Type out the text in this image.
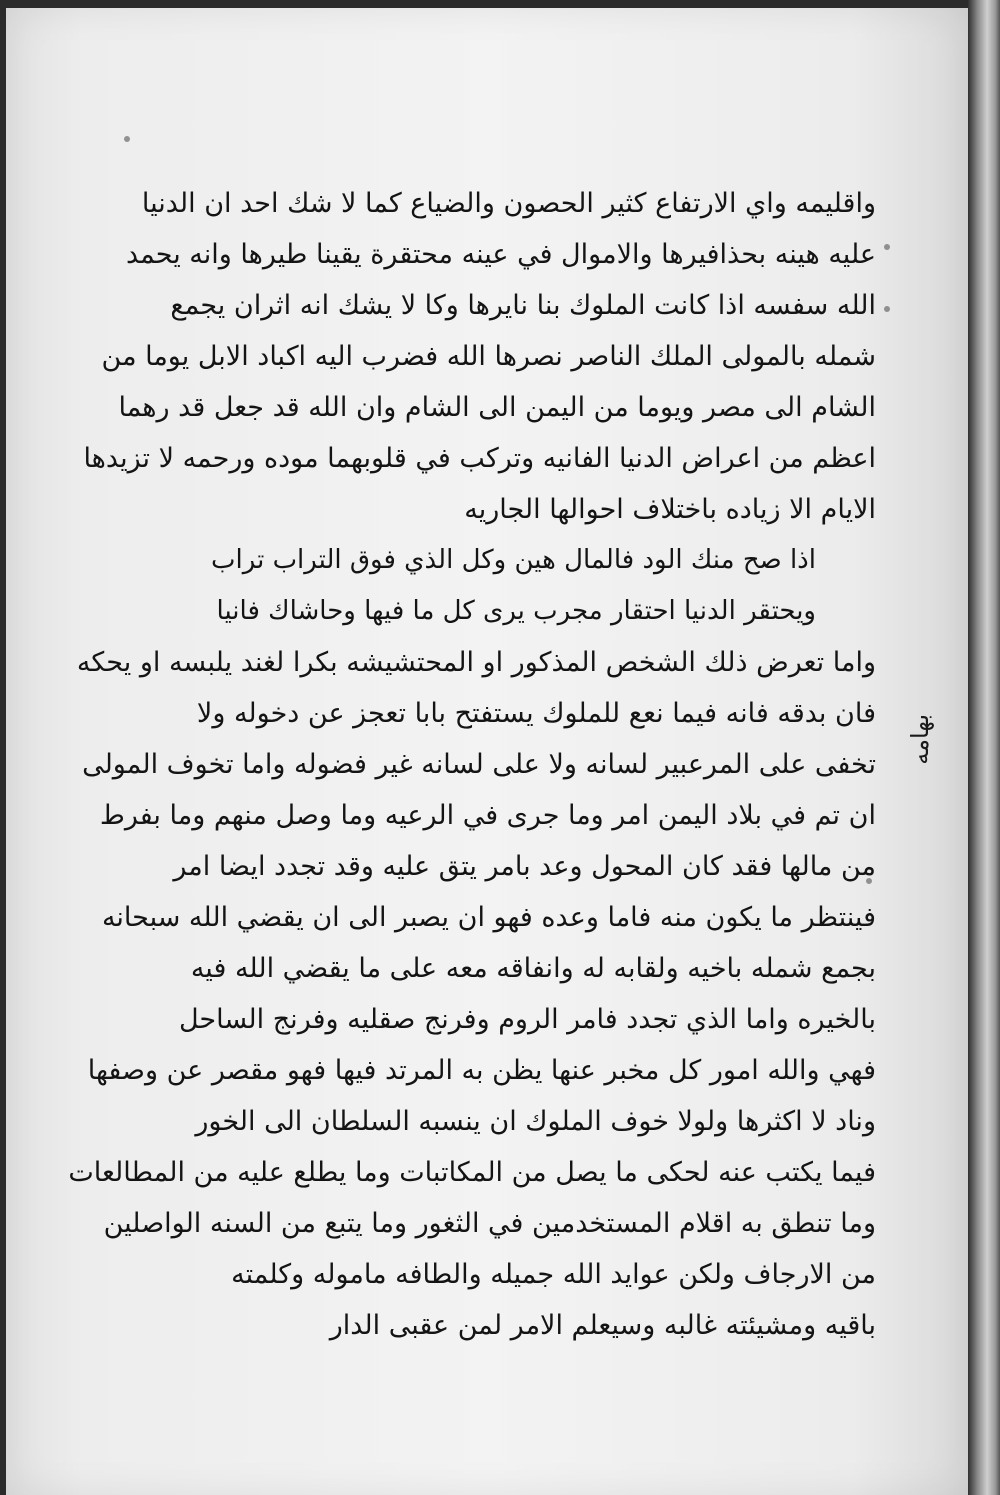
واقليمه واي الارتفاع كثير الحصون والضياع كما لا شك احد ان الدنيا
عليه هينه بحذافيرها والاموال في عينه محتقرة يقينا طيرها وانه يحمد
الله سفسه اذا كانت الملوك بنا نايرها وكا لا يشك انه اثران يجمع
شمله بالمولى الملك الناصر نصرها الله فضرب اليه اكباد الابل يوما من
الشام الى مصر ويوما من اليمن الى الشام وان الله قد جعل قد رهما
اعظم من اعراض الدنيا الفانيه وتركب في قلوبهما موده ورحمه لا تزيدها
الايام الا زياده باختلاف احوالها الجاريه
اذا صح منك الود فالمال هين وكل الذي فوق التراب تراب
ويحتقر الدنيا احتقار مجرب يرى كل ما فيها وحاشاك فانيا
واما تعرض ذلك الشخص المذكور او المحتشيشه بكرا لغند يلبسه او يحكه
فان بدقه فانه فيما نعع للملوك يستفتح بابا تعجز عن دخوله ولا
تخفى على المرعبير لسانه ولا على لسانه غير فضوله واما تخوف المولى
ان تم في بلاد اليمن امر وما جرى في الرعيه وما وصل منهم وما بفرط
من مالها فقد كان المحول وعد بامر يتق عليه وقد تجدد ايضا امر
فينتظر ما يكون منه فاما وعده فهو ان يصبر الى ان يقضي الله سبحانه
بجمع شمله باخيه ولقابه له وانفاقه معه على ما يقضي الله فيه
بالخيره واما الذي تجدد فامر الروم وفرنج صقليه وفرنج الساحل
فهي والله امور كل مخبر عنها يظن به المرتد فيها فهو مقصر عن وصفها
وناد لا اكثرها ولولا خوف الملوك ان ينسبه السلطان الى الخور
فيما يكتب عنه لحكى ما يصل من المكاتبات وما يطلع عليه من المطالعات
وما تنطق به اقلام المستخدمين في الثغور وما يتبع من السنه الواصلين
من الارجاف ولكن عوايد الله جميله والطافه ماموله وكلمته
باقيه ومشيئته غالبه وسيعلم الامر لمن عقبى الدار
بهامه
